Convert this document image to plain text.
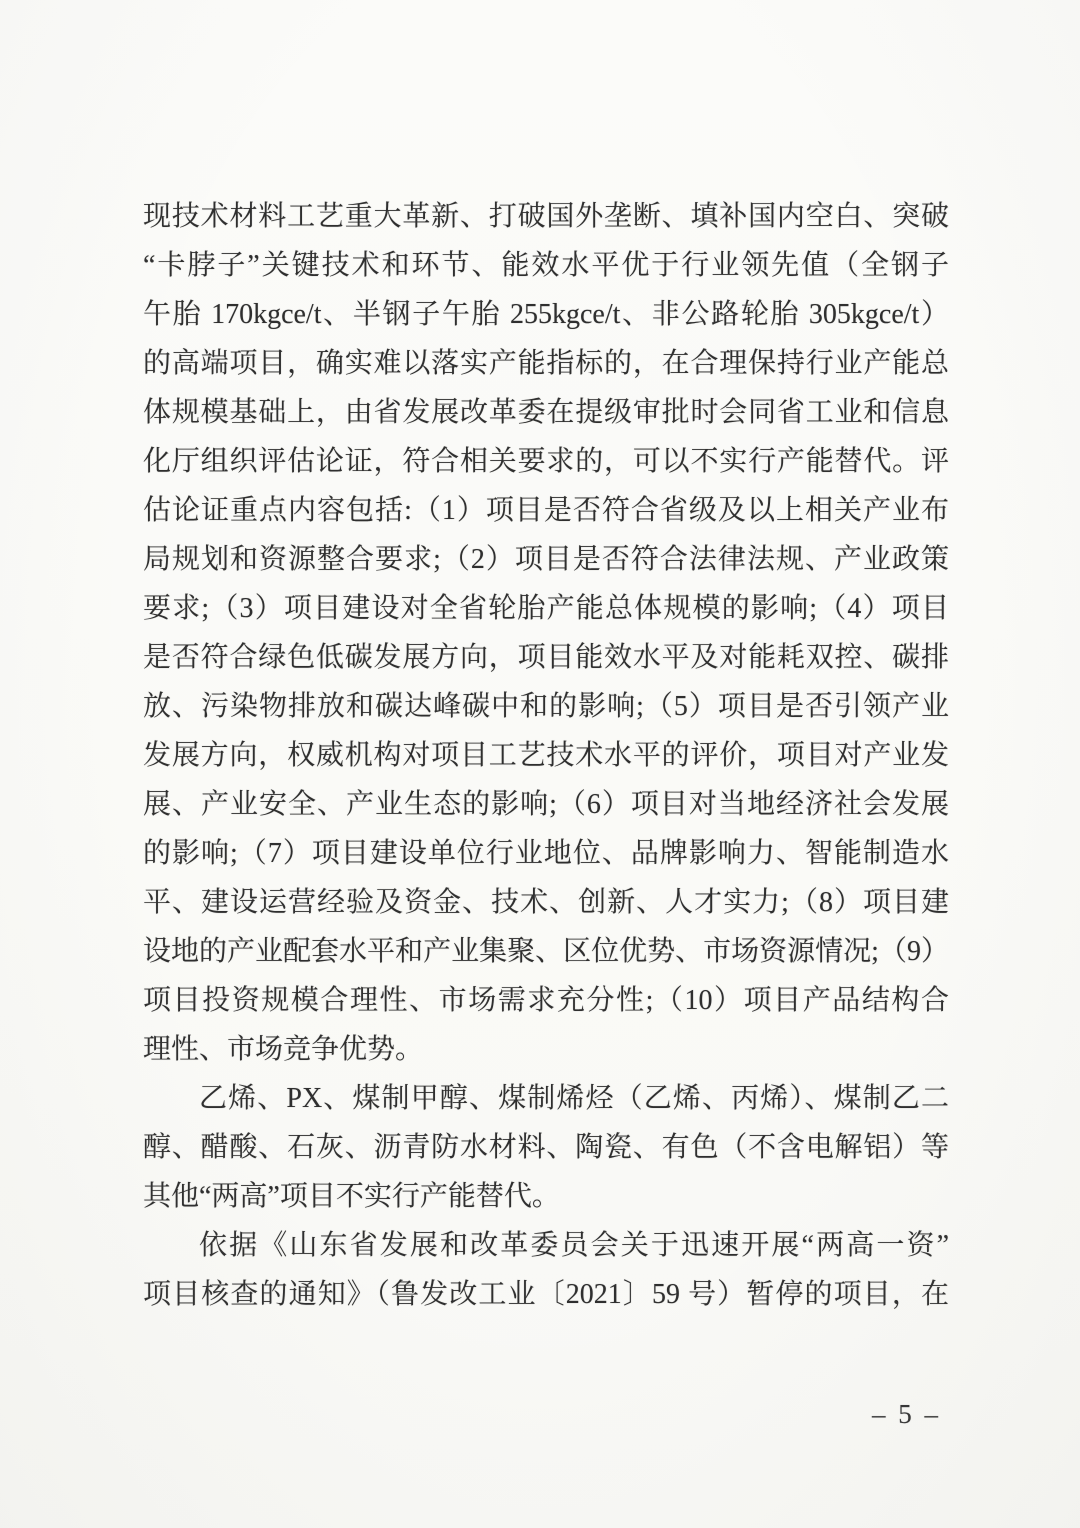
现技术材料工艺重大革新、打破国外垄断、填补国内空白、突破
“卡脖子”关键技术和环节、能效水平优于行业领先值（全钢子
午胎 170kgce/t、半钢子午胎 255kgce/t、非公路轮胎 305kgce/t）
的高端项目，确实难以落实产能指标的，在合理保持行业产能总
体规模基础上，由省发展改革委在提级审批时会同省工业和信息
化厅组织评估论证，符合相关要求的，可以不实行产能替代。评
估论证重点内容包括:（1）项目是否符合省级及以上相关产业布
局规划和资源整合要求;（2）项目是否符合法律法规、产业政策
要求;（3）项目建设对全省轮胎产能总体规模的影响;（4）项目
是否符合绿色低碳发展方向，项目能效水平及对能耗双控、碳排
放、污染物排放和碳达峰碳中和的影响;（5）项目是否引领产业
发展方向，权威机构对项目工艺技术水平的评价，项目对产业发
展、产业安全、产业生态的影响;（6）项目对当地经济社会发展
的影响;（7）项目建设单位行业地位、品牌影响力、智能制造水
平、建设运营经验及资金、技术、创新、人才实力;（8）项目建
设地的产业配套水平和产业集聚、区位优势、市场资源情况;（9）
项目投资规模合理性、市场需求充分性;（10）项目产品结构合
理性、市场竞争优势。
乙烯、PX、煤制甲醇、煤制烯烃（乙烯、丙烯）、煤制乙二
醇、醋酸、石灰、沥青防水材料、陶瓷、有色（不含电解铝）等
其他“两高”项目不实行产能替代。
依据《山东省发展和改革委员会关于迅速开展“两高一资”
项目核查的通知》（鲁发改工业〔2021〕59 号）暂停的项目，在
– 5 –
